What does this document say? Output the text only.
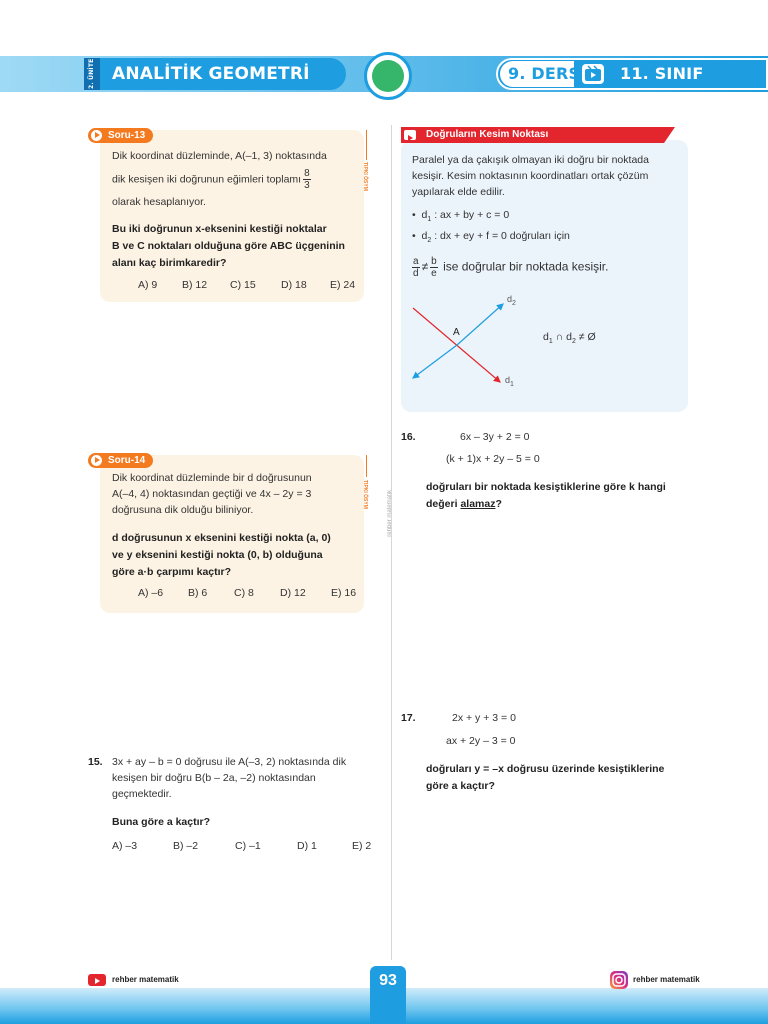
2. ÜNİTE ANALİTİK GEOMETRİ	9. DERS 11. SINIF
Soru-13
TIPKI ÖSYM
Dik koordinat düzleminde, A(–1, 3) noktasında
dik kesişen iki doğrunun eğimleri toplamı $\frac{8}{3}$
olarak hesaplanıyor.
Bu iki doğrunun x-eksenini kestiği noktalar
B ve C noktaları olduğuna göre ABC üçgeninin
alanı kaç birimkaredir?
A) 9 B) 12 C) 15 D) 18 E) 24
Soru-14
TIPKI ÖSYM
Dik koordinat düzleminde bir d doğrusunun
A(–4, 4) noktasından geçtiği ve 4x – 2y = 3
doğrusuna dik olduğu biliniyor.
d doğrusunun x eksenini kestiği nokta (a, 0)
ve y eksenini kestiği nokta (0, b) olduğuna
göre a·b çarpımı kaçtır?
A) –6 B) 6	C) 8 D) 12 E) 16
15. 3x + ay – b = 0 doğrusu ile A(–3, 2) noktasında dik
kesişen bir doğru B(b – 2a, –2) noktasından
geçmektedir.
Buna göre a kaçtır?
A) –3	B) –2	C) –1	D) 1	E) 2
rehber matematik
Doğruların Kesim Noktası
Paralel ya da çakışık olmayan iki doğru bir noktada
kesişir. Kesim noktasının koordinatları ortak çözüm
yapılarak elde edilir.
• $d_1$ : ax + by + c = 0
• $d_2$ : dx + ey + f = 0 doğruları için
$\frac{a}{d} \ne \frac{b}{e}$ ise doğrular bir noktada kesişir.
A
$d_2$
$d_1$
$d_1$ ∩ $d_2$ ≠ Ø
16.	6x – 3y + 2 = 0
(k + 1)x + 2y – 5 = 0
doğruları bir noktada kesiştiklerine göre k hangi
değeri alamaz?
17.	2x + y + 3 = 0
ax + 2y – 3 = 0
doğruları y = –x doğrusu üzerinde kesiştiklerine
göre a kaçtır?
93
rehber matematik	rehber matematik
